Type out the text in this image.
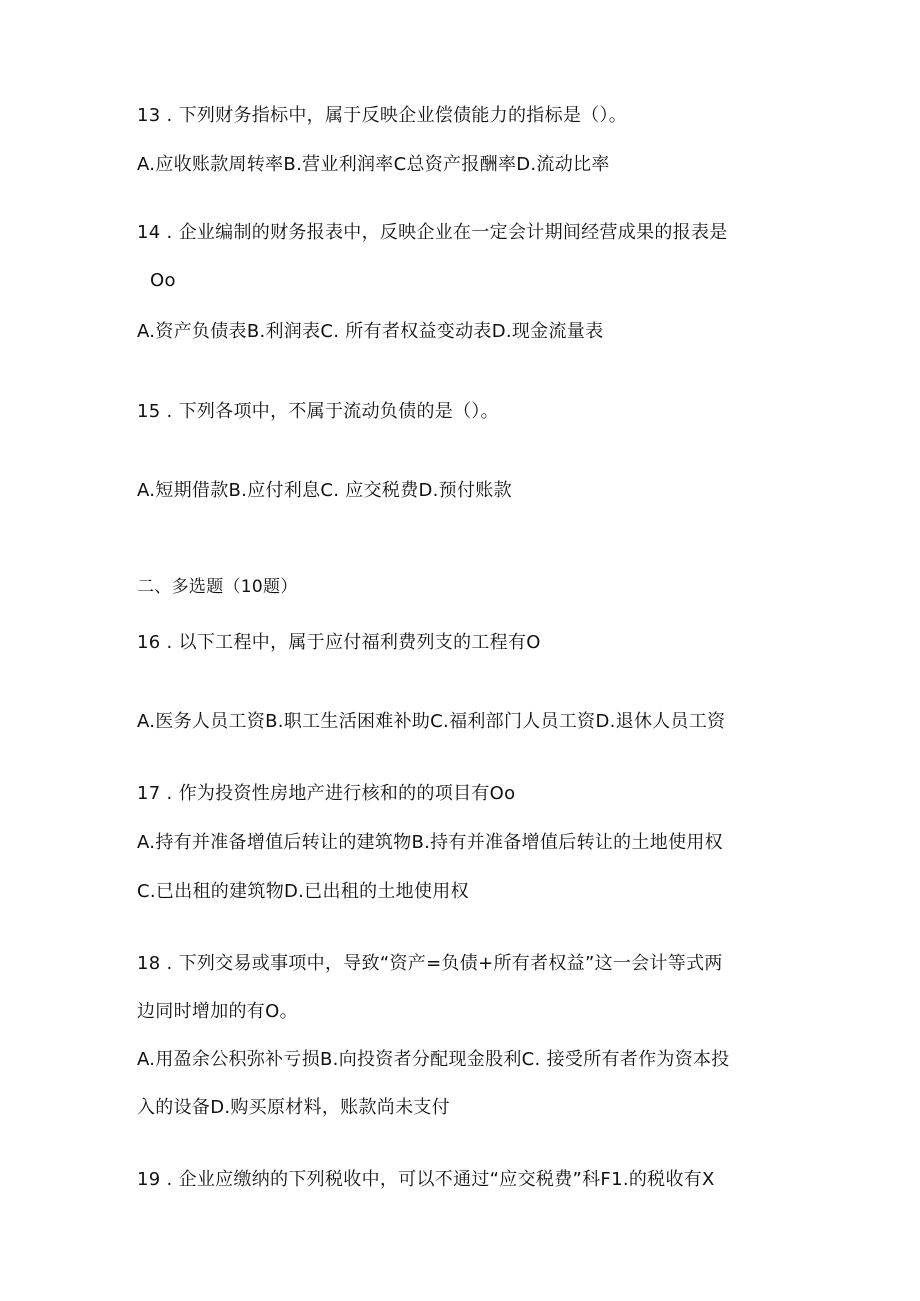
13 . 下列财务指标中，属于反映企业偿债能力的指标是（）。
A.应收账款周转率B.营业利润率C总资产报酬率D.流动比率
14 . 企业编制的财务报表中，反映企业在一定会计期间经营成果的报表是
Oo
A.资产负债表B.利润表C. 所有者权益变动表D.现金流量表
15 . 下列各项中，不属于流动负债的是（）。
A.短期借款B.应付利息C. 应交税费D.预付账款
二、多选题（10题）
16 . 以下工程中，属于应付福利费列支的工程有O
A.医务人员工资B.职工生活困难补助C.福利部门人员工资D.退休人员工资
17 . 作为投资性房地产进行核和的的项目有Oo
A.持有并准备增值后转让的建筑物B.持有并准备增值后转让的土地使用权
C.已出租的建筑物D.已出租的土地使用权
18 . 下列交易或事项中，导致“资产=负债+所有者权益”这一会计等式两
边同时增加的有O。
A.用盈余公积弥补亏损B.向投资者分配现金股利C. 接受所有者作为资本投
入的设备D.购买原材料，账款尚未支付
19 . 企业应缴纳的下列税收中，可以不通过“应交税费”科F1.的税收有X
